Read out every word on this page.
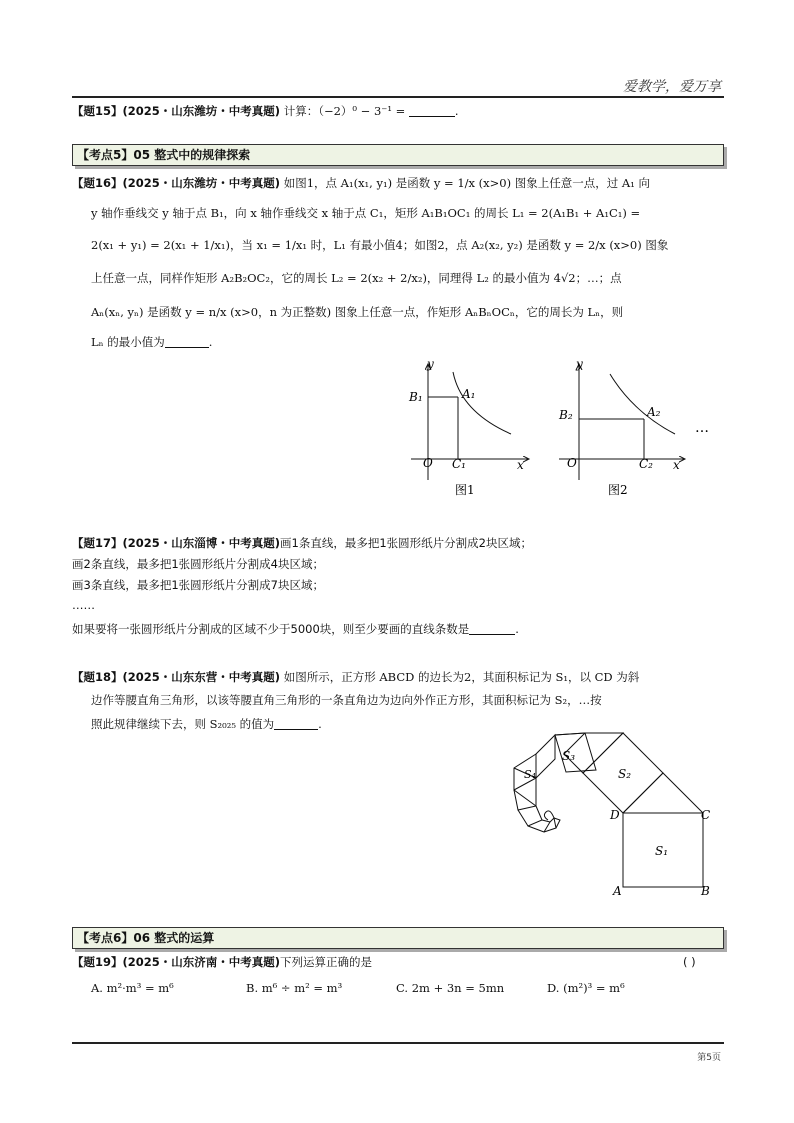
爱教学，爱万享
【题15】(2025・山东潍坊・中考真题) 计算：（−2）⁰ − 3⁻¹ =	.
【考点5】05 整式中的规律探索
【题16】(2025・山东潍坊・中考真题) 如图1，点 A₁(x₁, y₁) 是函数 y = 1/x (x>0) 图象上任意一点，过 A₁ 向
y 轴作垂线交 y 轴于点 B₁，向 x 轴作垂线交 x 轴于点 C₁，矩形 A₁B₁OC₁ 的周长 L₁ = 2(A₁B₁ + A₁C₁) =
2(x₁ + y₁) = 2(x₁ + 1/x₁)，当 x₁ = 1/x₁ 时，L₁ 有最小值4；如图2，点 A₂(x₂, y₂) 是函数 y = 2/x (x>0) 图象
上任意一点，同样作矩形 A₂B₂OC₂，它的周长 L₂ = 2(x₂ + 2/x₂)，同理得 L₂ 的最小值为 4√2；…；点
Aₙ(xₙ, yₙ) 是函数 y = n/x (x>0，n 为正整数) 图象上任意一点，作矩形 AₙBₙOCₙ，它的周长为 Lₙ，则
Lₙ 的最小值为	.
y
x
O
A₁
B₁
C₁
图1
y
x
O
A₂
B₂
C₂
…
图2
【题17】(2025・山东淄博・中考真题)画1条直线，最多把1张圆形纸片分割成2块区域；
画2条直线，最多把1张圆形纸片分割成4块区域；
画3条直线，最多把1张圆形纸片分割成7块区域；
……
如果要将一张圆形纸片分割成的区域不少于5000块，则至少要画的直线条数是	.
【题18】(2025・山东东营・中考真题) 如图所示，正方形 ABCD 的边长为2，其面积标记为 S₁，以 CD 为斜
边作等腰直角三角形，以该等腰直角三角形的一条直角边为边向外作正方形，其面积标记为 S₂，…按
照此规律继续下去，则 S₂₀₂₅ 的值为	.
S₁
S₂
S₃
S₄
A	B
C
D
【考点6】06 整式的运算
【题19】(2025・山东济南・中考真题)下列运算正确的是	( )
A. m²·m³ = m⁶	B. m⁶ ÷ m² = m³	C. 2m + 3n = 5mn	D. (m²)³ = m⁶
第5页
